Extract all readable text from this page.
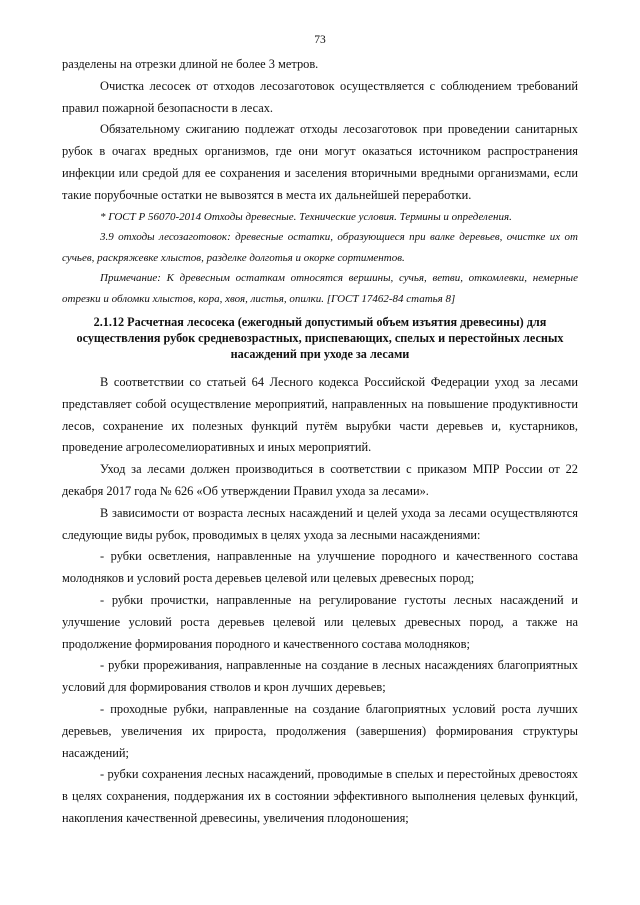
73

разделены на отрезки длиной не более 3 метров.

Очистка лесосек от отходов лесозаготовок осуществляется с соблюдением требований правил пожарной безопасности в лесах.

Обязательному сжиганию подлежат отходы лесозаготовок при проведении санитарных рубок в очагах вредных организмов, где они могут оказаться источником распространения инфекции или средой для ее сохранения и заселения вторичными вредными организмами, если такие порубочные остатки не вывозятся в места их дальнейшей переработки.

* ГОСТ Р 56070-2014 Отходы древесные. Технические условия. Термины и определения.

3.9 отходы лесозаготовок: древесные остатки, образующиеся при валке деревьев, очистке их от сучьев, раскряжевке хлыстов, разделке долготья и окорке сортиментов.

Примечание: К древесным остаткам относятся вершины, сучья, ветви, откомлевки, немерные отрезки и обломки хлыстов, кора, хвоя, листья, опилки. [ГОСТ 17462-84 статья 8]

2.1.12 Расчетная лесосека (ежегодный допустимый объем изъятия древесины) для осуществления рубок средневозрастных, приспевающих, спелых и перестойных лесных насаждений при уходе за лесами

В соответствии со статьей 64 Лесного кодекса Российской Федерации уход за лесами представляет собой осуществление мероприятий, направленных на повышение продуктивности лесов, сохранение их полезных функций путём вырубки части деревьев и, кустарников, проведение агролесомелиоративных и иных мероприятий.

Уход за лесами должен производиться в соответствии с приказом МПР России от 22 декабря 2017 года № 626 «Об утверждении Правил ухода за лесами».

В зависимости от возраста лесных насаждений и целей ухода за лесами осуществляются следующие виды рубок, проводимых в целях ухода за лесными насаждениями:

- рубки осветления, направленные на улучшение породного и качественного состава молодняков и условий роста деревьев целевой или целевых древесных пород;

- рубки прочистки, направленные на регулирование густоты лесных насаждений и улучшение условий роста деревьев целевой или целевых древесных пород, а также на продолжение формирования породного и качественного состава молодняков;

- рубки прореживания, направленные на создание в лесных насаждениях благоприятных условий для формирования стволов и крон лучших деревьев;

- проходные рубки, направленные на создание благоприятных условий роста лучших деревьев, увеличения их прироста, продолжения (завершения) формирования структуры насаждений;

- рубки сохранения лесных насаждений, проводимые в спелых и перестойных древостоях в целях сохранения, поддержания их в состоянии эффективного выполнения целевых функций, накопления качественной древесины, увеличения плодоношения;
